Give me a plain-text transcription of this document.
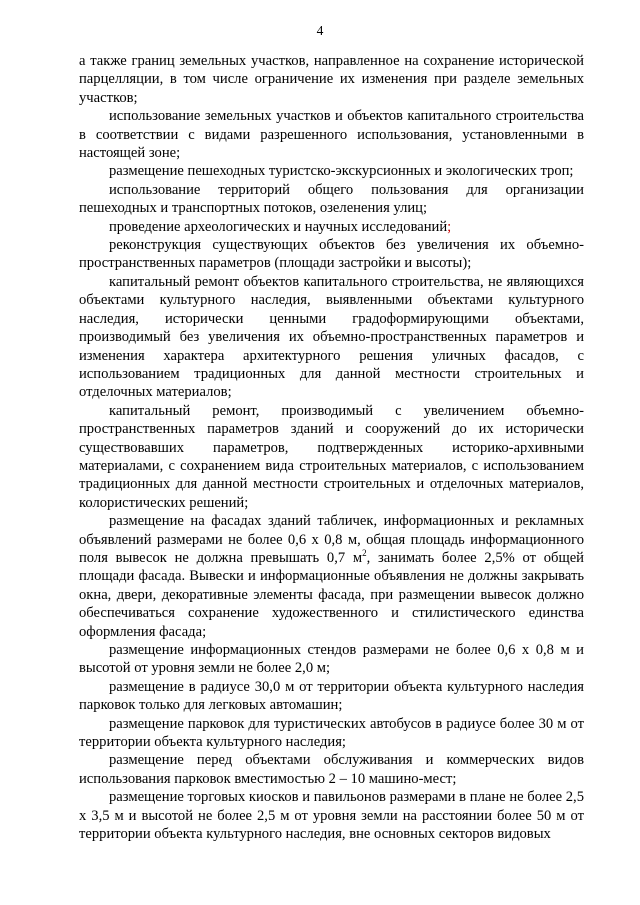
4

а также границ земельных участков, направленное на сохранение исторической парцелляции, в том числе ограничение их изменения при разделе земельных участков;

использование земельных участков и объектов капитального строительства в соответствии с видами разрешенного использования, установленными в настоящей зоне;

размещение пешеходных туристско-экскурсионных и экологических троп;

использование территорий общего пользования для организации пешеходных и транспортных потоков, озеленения улиц;

проведение археологических и научных исследований;

реконструкция существующих объектов без увеличения их объемно-пространственных параметров (площади застройки и высоты);

капитальный ремонт объектов капитального строительства, не являющихся объектами культурного наследия, выявленными объектами культурного наследия, исторически ценными градоформирующими объектами, производимый без увеличения их объемно-пространственных параметров и изменения характера архитектурного решения уличных фасадов, с использованием традиционных для данной местности строительных и отделочных материалов;

капитальный ремонт, производимый с увеличением объемно-пространственных параметров зданий и сооружений до их исторически существовавших параметров, подтвержденных историко-архивными материалами, с сохранением вида строительных материалов, с использованием традиционных для данной местности строительных и отделочных материалов, колористических решений;

размещение на фасадах зданий табличек, информационных и рекламных объявлений размерами не более 0,6 х 0,8 м, общая площадь информационного поля вывесок не должна превышать 0,7 $м^2$, занимать более 2,5% от общей площади фасада. Вывески и информационные объявления не должны закрывать окна, двери, декоративные элементы фасада, при размещении вывесок должно обеспечиваться сохранение художественного и стилистического единства оформления фасада;

размещение информационных стендов размерами не более 0,6 х 0,8 м и высотой от уровня земли не более 2,0 м;

размещение в радиусе 30,0 м от территории объекта культурного наследия парковок только для легковых автомашин;

размещение парковок для туристических автобусов в радиусе более 30 м от территории объекта культурного наследия;

размещение перед объектами обслуживания и коммерческих видов использования парковок вместимостью 2 – 10 машино-мест;

размещение торговых киосков и павильонов размерами в плане не более 2,5 х 3,5 м и высотой не более 2,5 м от уровня земли на расстоянии более 50 м от территории объекта культурного наследия, вне основных секторов видовых
